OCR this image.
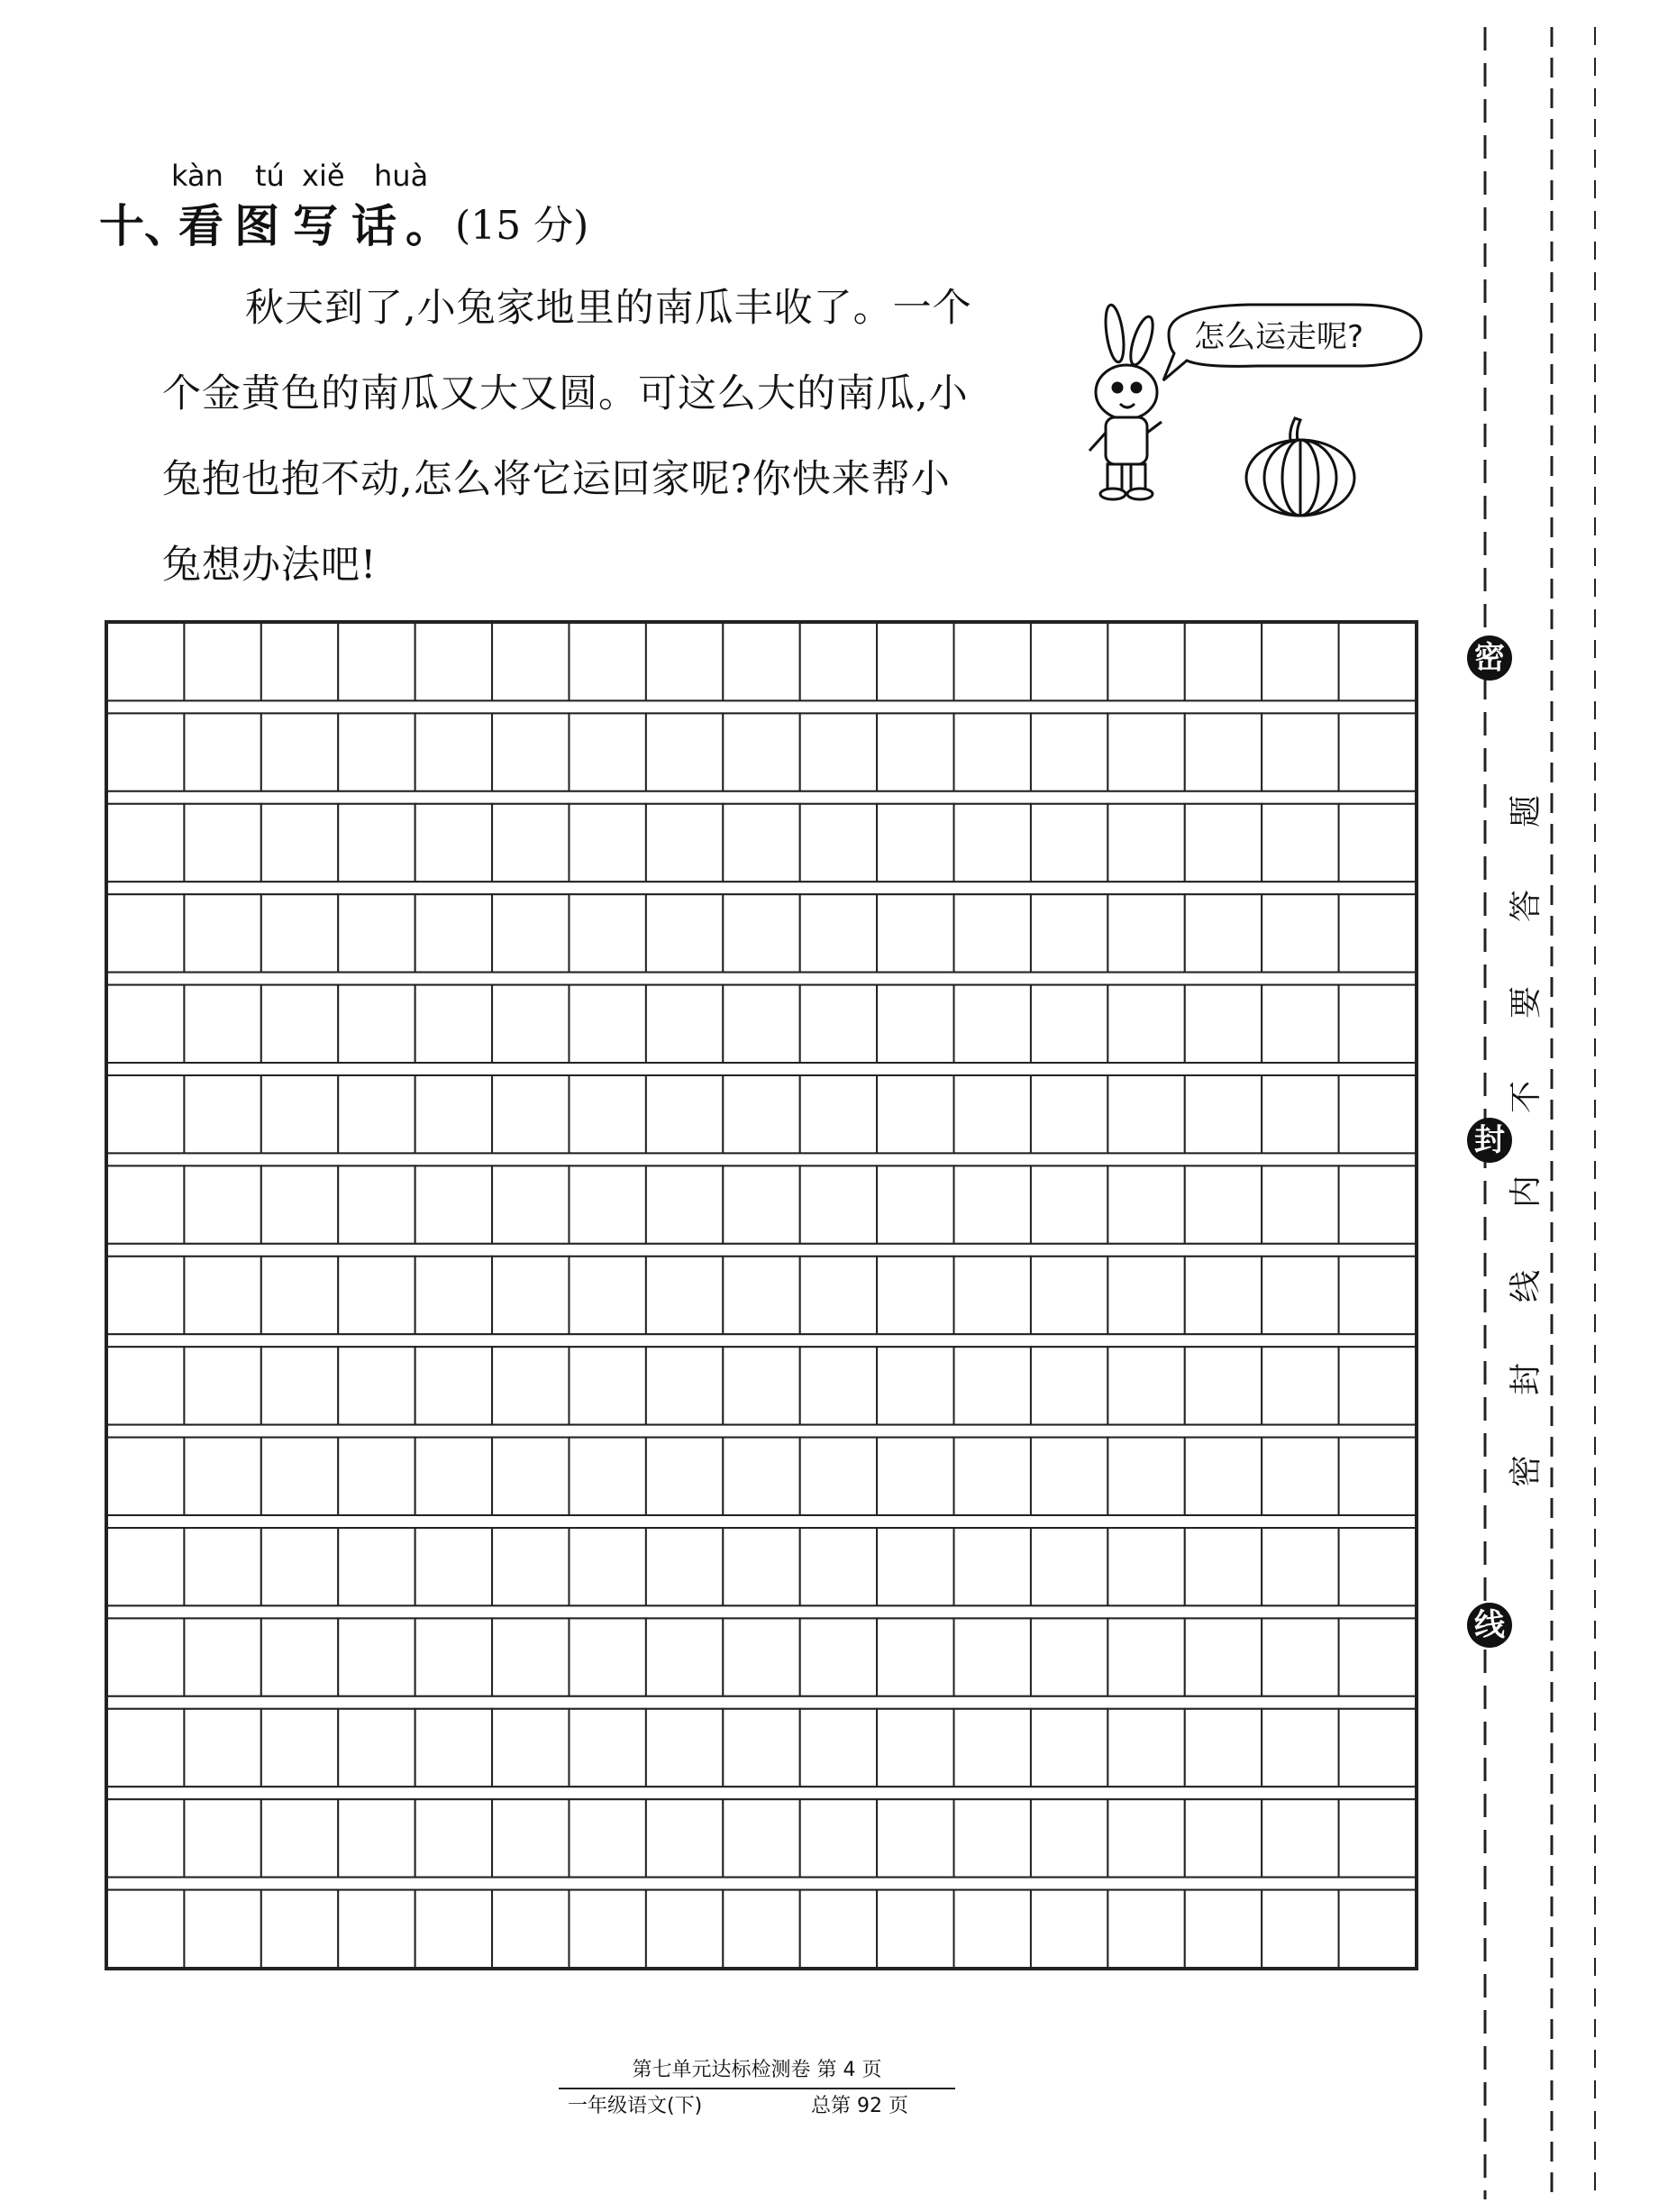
kàn tú xiě huà
十、
看 图 写 话 。 (15 分)
秋天到了,小兔家地里的南瓜丰收了。一个
个金黄色的南瓜又大又圆。可这么大的南瓜,小
兔抱也抱不动,怎么将它运回家呢?你快来帮小
兔想办法吧!
怎么运走呢?
第七单元达标检测卷 第 4 页
一年级语文(下)	总第 92 页
密
封
线
题
答
要
不
内
线
封
密
